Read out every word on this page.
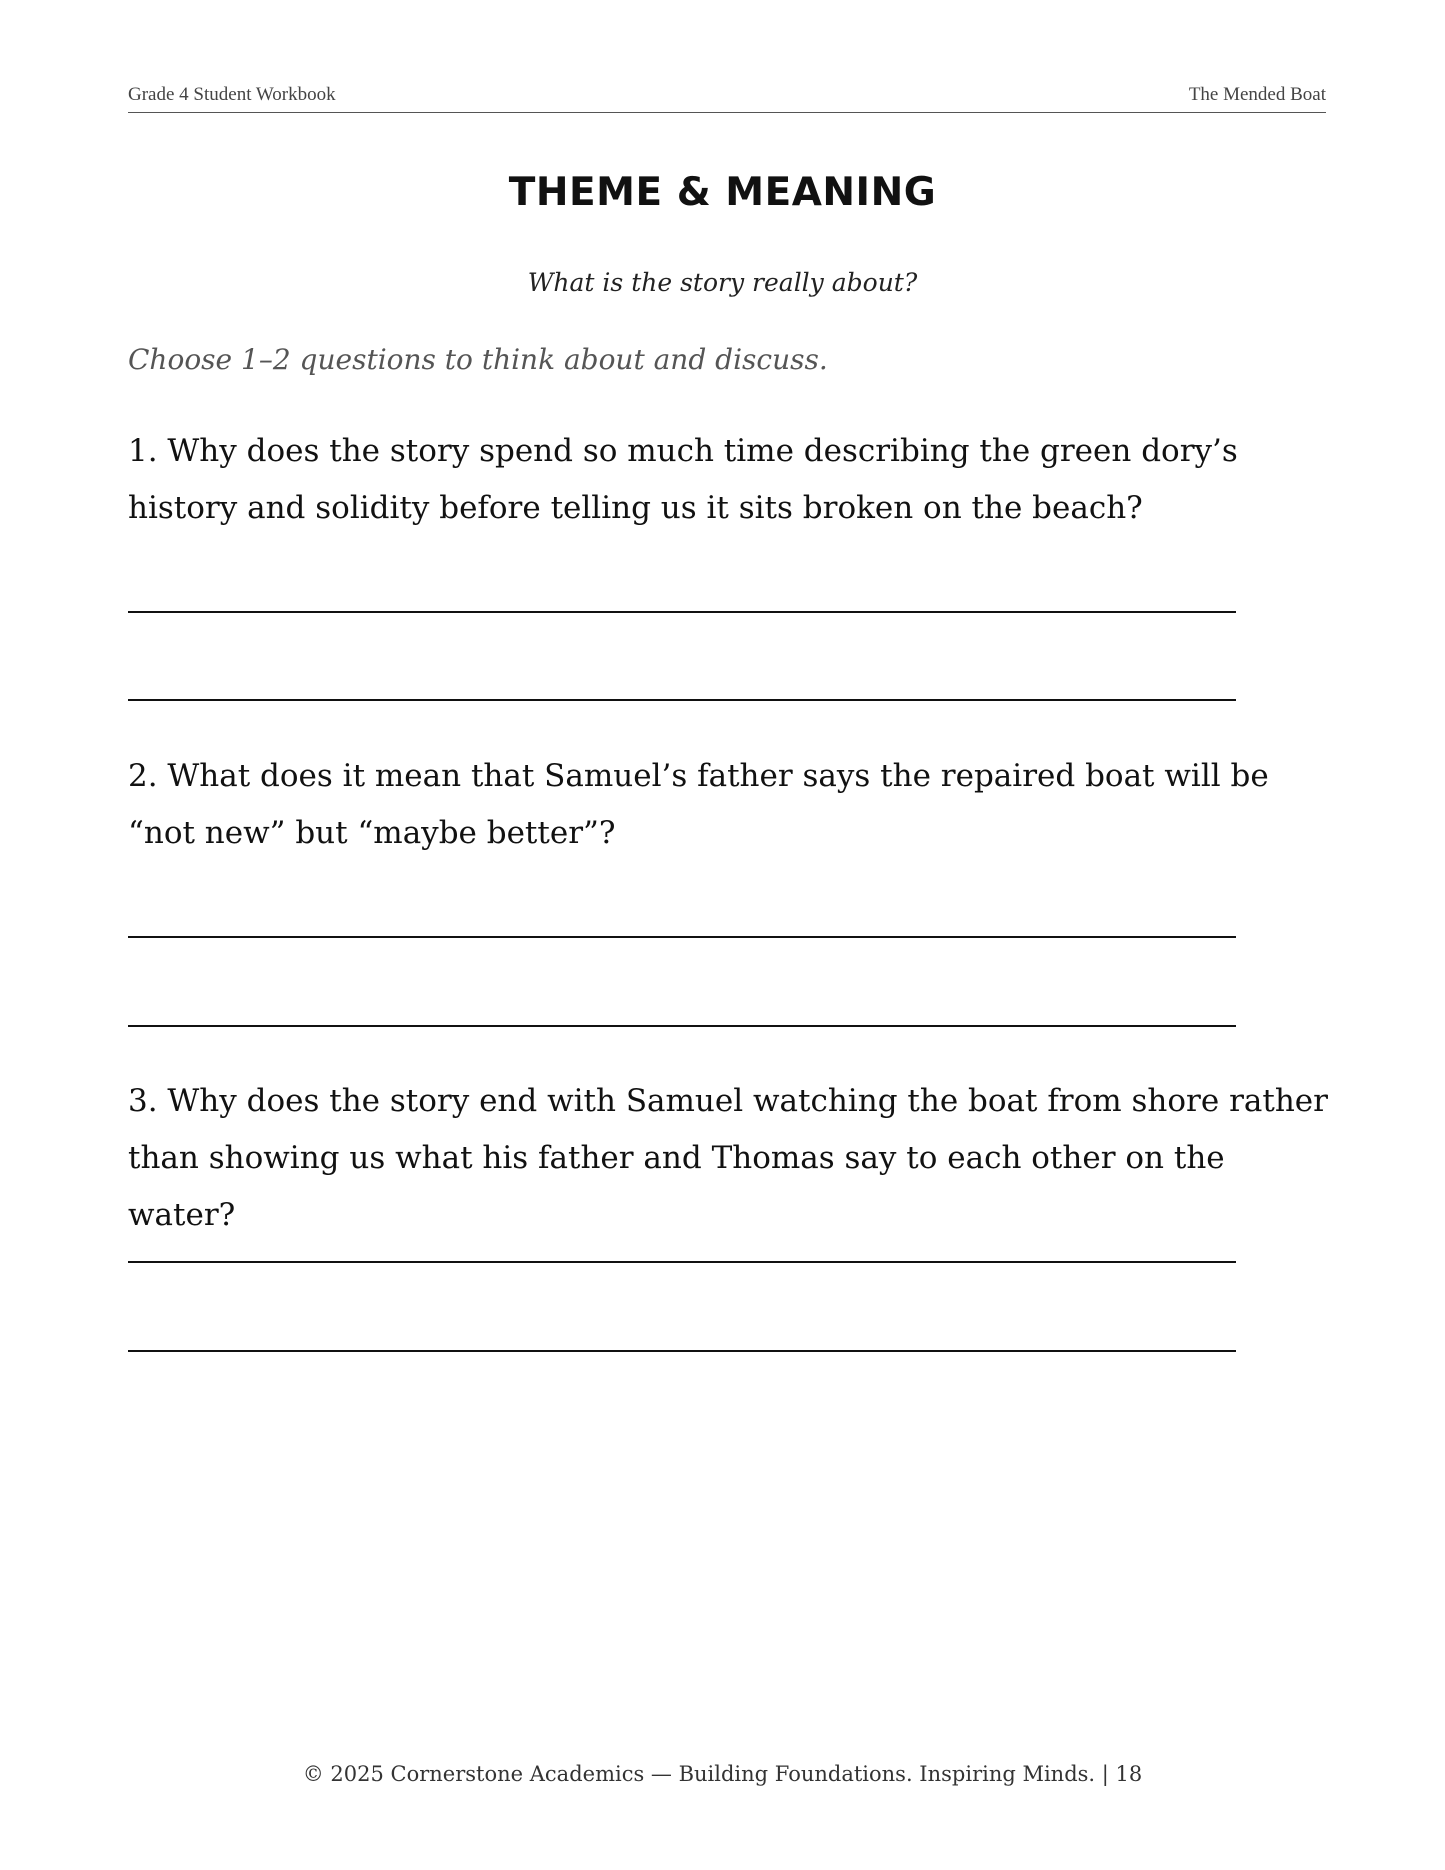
Grade 4 Student Workbook	The Mended Boat
THEME & MEANING
What is the story really about?
Choose 1–2 questions to think about and discuss.

1. Why does the story spend so much time describing the green dory’s history and solidity before telling us it sits broken on the beach?

2. What does it mean that Samuel’s father says the repaired boat will be “not new” but “maybe better”?

3. Why does the story end with Samuel watching the boat from shore rather than showing us what his father and Thomas say to each other on the water?

© 2025 Cornerstone Academics — Building Foundations. Inspiring Minds. | 18
